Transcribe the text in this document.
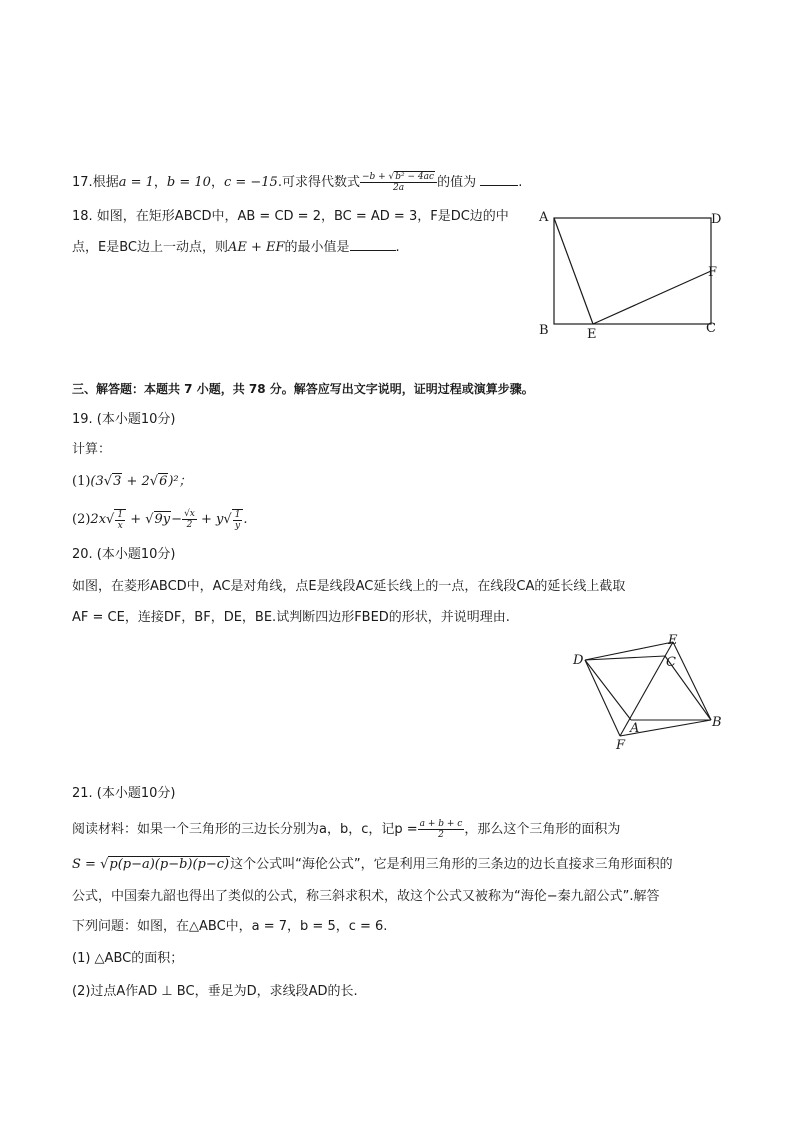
17.根据a = 1，b = 10，c = −15.可求得代数式 $\frac{\text{−b + √b² − 4ac}}{2a}$ 的值为	.
18. 如图，在矩形ABCD中，AB = CD = 2，BC = AD = 3，F是DC边的中
点，E是BC边上一动点，则AE + EF的最小值是	.
A	D
F
B	E	C
三、解答题：本题共 7 小题，共 78 分。解答应写出文字说明，证明过程或演算步骤。
19. (本小题10分)
计算：
(1)(3√3 + 2√6)²；
$(2)2x√ \frac{1}{x} + √9y- \frac{√x}{2} + y√ \frac{1}{y}$ .
20. (本小题10分)
如图，在菱形ABCD中，AC是对角线，点E是线段AC延长线上的一点，在线段CA的延长线上截取
AF = CE，连接DF，BF，DE，BE.试判断四边形FBED的形状，并说明理由.
D
E
C
B
A
F
21. (本小题10分)
阅读材料：如果一个三角形的三边长分别为a，b，c，记$p = \frac{a + b + c}{2}$ ，那么这个三角形的面积为
S = √p(p−a)(p−b)(p−c)这个公式叫“海伦公式”，它是利用三角形的三条边的边长直接求三角形面积的
公式，中国秦九韶也得出了类似的公式，称三斜求积术，故这个公式又被称为“海伦−秦九韶公式”.解答
下列问题：如图，在△ABC中，a = 7，b = 5，c = 6.
(1) △ABC的面积；
(2)过点A作AD ⊥ BC，垂足为D，求线段AD的长.
